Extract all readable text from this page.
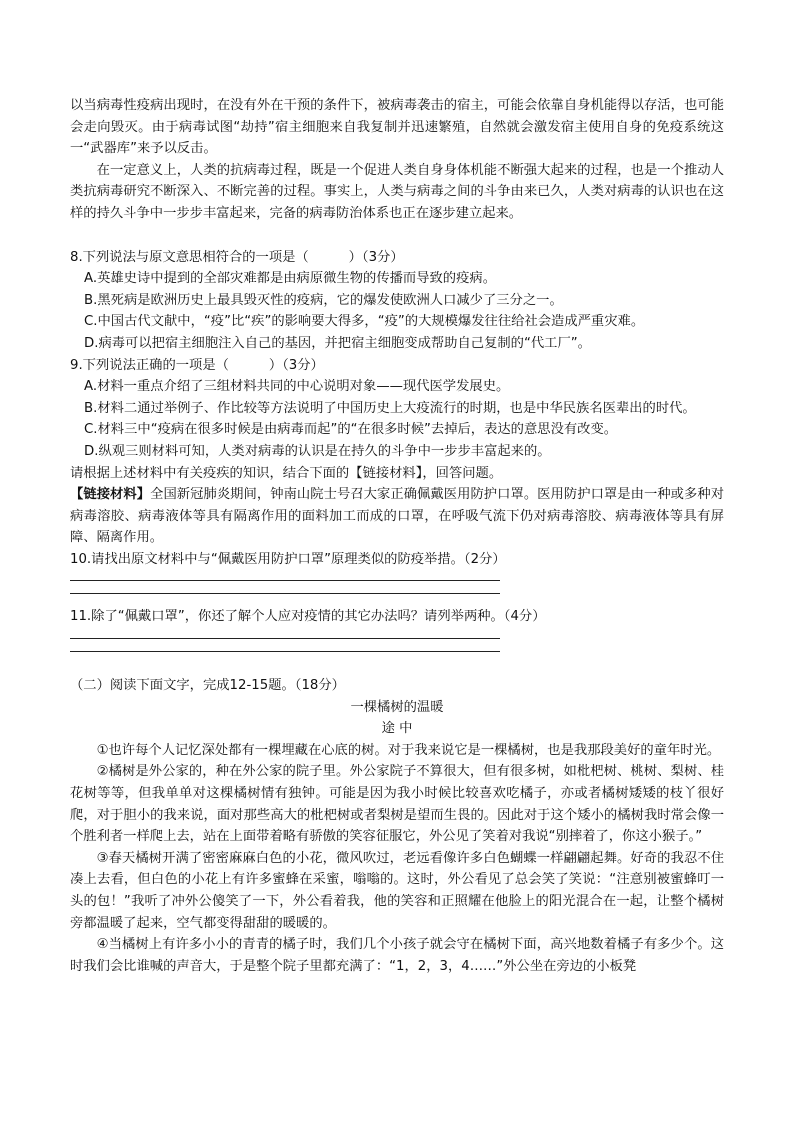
以当病毒性疫病出现时，在没有外在干预的条件下，被病毒袭击的宿主，可能会依靠自身机能得以存活，也可能会走向毁灭。由于病毒试图“劫持”宿主细胞来自我复制并迅速繁殖，自然就会激发宿主使用自身的免疫系统这一“武器库”来予以反击。

在一定意义上，人类的抗病毒过程，既是一个促进人类自身身体机能不断强大起来的过程，也是一个推动人类抗病毒研究不断深入、不断完善的过程。事实上，人类与病毒之间的斗争由来已久，人类对病毒的认识也在这样的持久斗争中一步步丰富起来，完备的病毒防治体系也正在逐步建立起来。

8.下列说法与原文意思相符合的一项是（　　　）（3分）

A.英雄史诗中提到的全部灾难都是由病原微生物的传播而导致的疫病。

B.黑死病是欧洲历史上最具毁灭性的疫病，它的爆发使欧洲人口减少了三分之一。

C.中国古代文献中，“疫”比“疾”的影响要大得多，“疫”的大规模爆发往往给社会造成严重灾难。

D.病毒可以把宿主细胞注入自己的基因，并把宿主细胞变成帮助自己复制的“代工厂”。

9.下列说法正确的一项是（　　　）（3分）

A.材料一重点介绍了三组材料共同的中心说明对象——现代医学发展史。

B.材料二通过举例子、作比较等方法说明了中国历史上大疫流行的时期，也是中华民族名医辈出的时代。

C.材料三中“疫病在很多时候是由病毒而起”的“在很多时候”去掉后，表达的意思没有改变。

D.纵观三则材料可知，人类对病毒的认识是在持久的斗争中一步步丰富起来的。

请根据上述材料中有关疫疾的知识，结合下面的【链接材料】，回答问题。

【链接材料】全国新冠肺炎期间，钟南山院士号召大家正确佩戴医用防护口罩。医用防护口罩是由一种或多种对病毒溶胶、病毒液体等具有隔离作用的面料加工而成的口罩，在呼吸气流下仍对病毒溶胶、病毒液体等具有屏障、隔离作用。

10.请找出原文材料中与“佩戴医用防护口罩”原理类似的防疫举措。（2分）

11.除了“佩戴口罩”，你还了解个人应对疫情的其它办法吗？请列举两种。（4分）

（二）阅读下面文字，完成12-15题。（18分）

一棵橘树的温暖

途 中

①也许每个人记忆深处都有一棵埋藏在心底的树。对于我来说它是一棵橘树，也是我那段美好的童年时光。

②橘树是外公家的，种在外公家的院子里。外公家院子不算很大，但有很多树，如枇杷树、桃树、梨树、桂花树等等，但我单单对这棵橘树情有独钟。可能是因为我小时候比较喜欢吃橘子，亦或者橘树矮矮的枝丫很好爬，对于胆小的我来说，面对那些高大的枇杷树或者梨树是望而生畏的。因此对于这个矮小的橘树我时常会像一个胜利者一样爬上去，站在上面带着略有骄傲的笑容征服它，外公见了笑着对我说“别摔着了，你这小猴子。”

③春天橘树开满了密密麻麻白色的小花，微风吹过，老远看像许多白色蝴蝶一样翩翩起舞。好奇的我忍不住凑上去看，但白色的小花上有许多蜜蜂在采蜜，嗡嗡的。这时，外公看见了总会笑了笑说：“注意别被蜜蜂叮一头的包！”我听了冲外公傻笑了一下，外公看着我，他的笑容和正照耀在他脸上的阳光混合在一起，让整个橘树旁都温暖了起来，空气都变得甜甜的暖暖的。

④当橘树上有许多小小的青青的橘子时，我们几个小孩子就会守在橘树下面，高兴地数着橘子有多少个。这时我们会比谁喊的声音大，于是整个院子里都充满了：“1，2，3，4……”外公坐在旁边的小板凳
